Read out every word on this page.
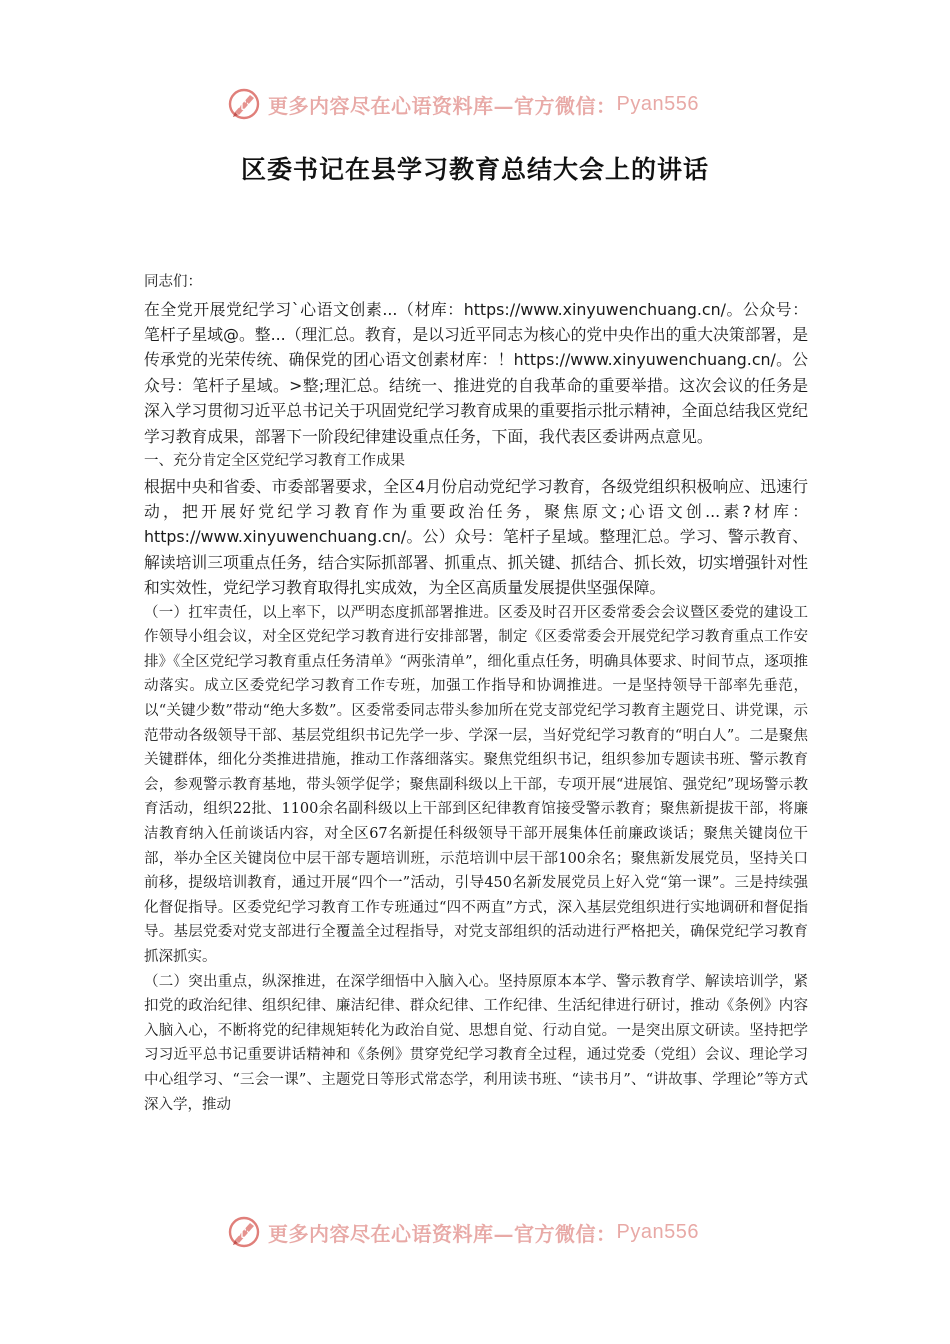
心 更多内容尽在心语资料库—官方微信： Pyan556
区委书记在县学习教育总结大会上的讲话

同志们：

在全党开展党纪学习`心语文创素...（材库：https://www.xinyuwenchuang.cn/。公众号：笔杆子星域@。整...（理汇总。教育，是以习近平同志为核心的党中央作出的重大决策部署，是传承党的光荣传统、确保党的团心语文创素材库：！https://www.xinyuwenchuang.cn/。公众号：笔杆子星域。>整;理汇总。结统一、推进党的自我革命的重要举措。这次会议的任务是深入学习贯彻习近平总书记关于巩固党纪学习教育成果的重要指示批示精神，全面总结我区党纪学习教育成果，部署下一阶段纪律建设重点任务，下面，我代表区委讲两点意见。

一、充分肯定全区党纪学习教育工作成果

根据中央和省委、市委部署要求，全区4月份启动党纪学习教育，各级党组织积极响应、迅速行动，把开展好党纪学习教育作为重要政治任务，聚焦原文;心语文创...素?材库：https://www.xinyuwenchuang.cn/。公）众号：笔杆子星域。整理汇总。学习、警示教育、解读培训三项重点任务，结合实际抓部署、抓重点、抓关键、抓结合、抓长效，切实增强针对性和实效性，党纪学习教育取得扎实成效，为全区高质量发展提供坚强保障。

（一）扛牢责任，以上率下，以严明态度抓部署推进。区委及时召开区委常委会会议暨区委党的建设工作领导小组会议，对全区党纪学习教育进行安排部署，制定《区委常委会开展党纪学习教育重点工作安排》《全区党纪学习教育重点任务清单》“两张清单”，细化重点任务，明确具体要求、时间节点，逐项推动落实。成立区委党纪学习教育工作专班，加强工作指导和协调推进。一是坚持领导干部率先垂范，以“关键少数”带动“绝大多数”。区委常委同志带头参加所在党支部党纪学习教育主题党日、讲党课，示范带动各级领导干部、基层党组织书记先学一步、学深一层，当好党纪学习教育的“明白人”。二是聚焦关键群体，细化分类推进措施，推动工作落细落实。聚焦党组织书记，组织参加专题读书班、警示教育会，参观警示教育基地，带头领学促学；聚焦副科级以上干部，专项开展“进展馆、强党纪”现场警示教育活动，组织22批、1100余名副科级以上干部到区纪律教育馆接受警示教育；聚焦新提拔干部，将廉洁教育纳入任前谈话内容，对全区67名新提任科级领导干部开展集体任前廉政谈话；聚焦关键岗位干部，举办全区关键岗位中层干部专题培训班，示范培训中层干部100余名；聚焦新发展党员，坚持关口前移，提级培训教育，通过开展“四个一”活动，引导450名新发展党员上好入党“第一课”。三是持续强化督促指导。区委党纪学习教育工作专班通过“四不两直”方式，深入基层党组织进行实地调研和督促指导。基层党委对党支部进行全覆盖全过程指导，对党支部组织的活动进行严格把关，确保党纪学习教育抓深抓实。

（二）突出重点，纵深推进，在深学细悟中入脑入心。坚持原原本本学、警示教育学、解读培训学，紧扣党的政治纪律、组织纪律、廉洁纪律、群众纪律、工作纪律、生活纪律进行研讨，推动《条例》内容入脑入心，不断将党的纪律规矩转化为政治自觉、思想自觉、行动自觉。一是突出原文研读。坚持把学习习近平总书记重要讲话精神和《条例》贯穿党纪学习教育全过程，通过党委（党组）会议、理论学习中心组学习、“三会一课”、主题党日等形式常态学，利用读书班、“读书月”、“讲故事、学理论”等方式深入学，推动

心 更多内容尽在心语资料库—官方微信： Pyan556
